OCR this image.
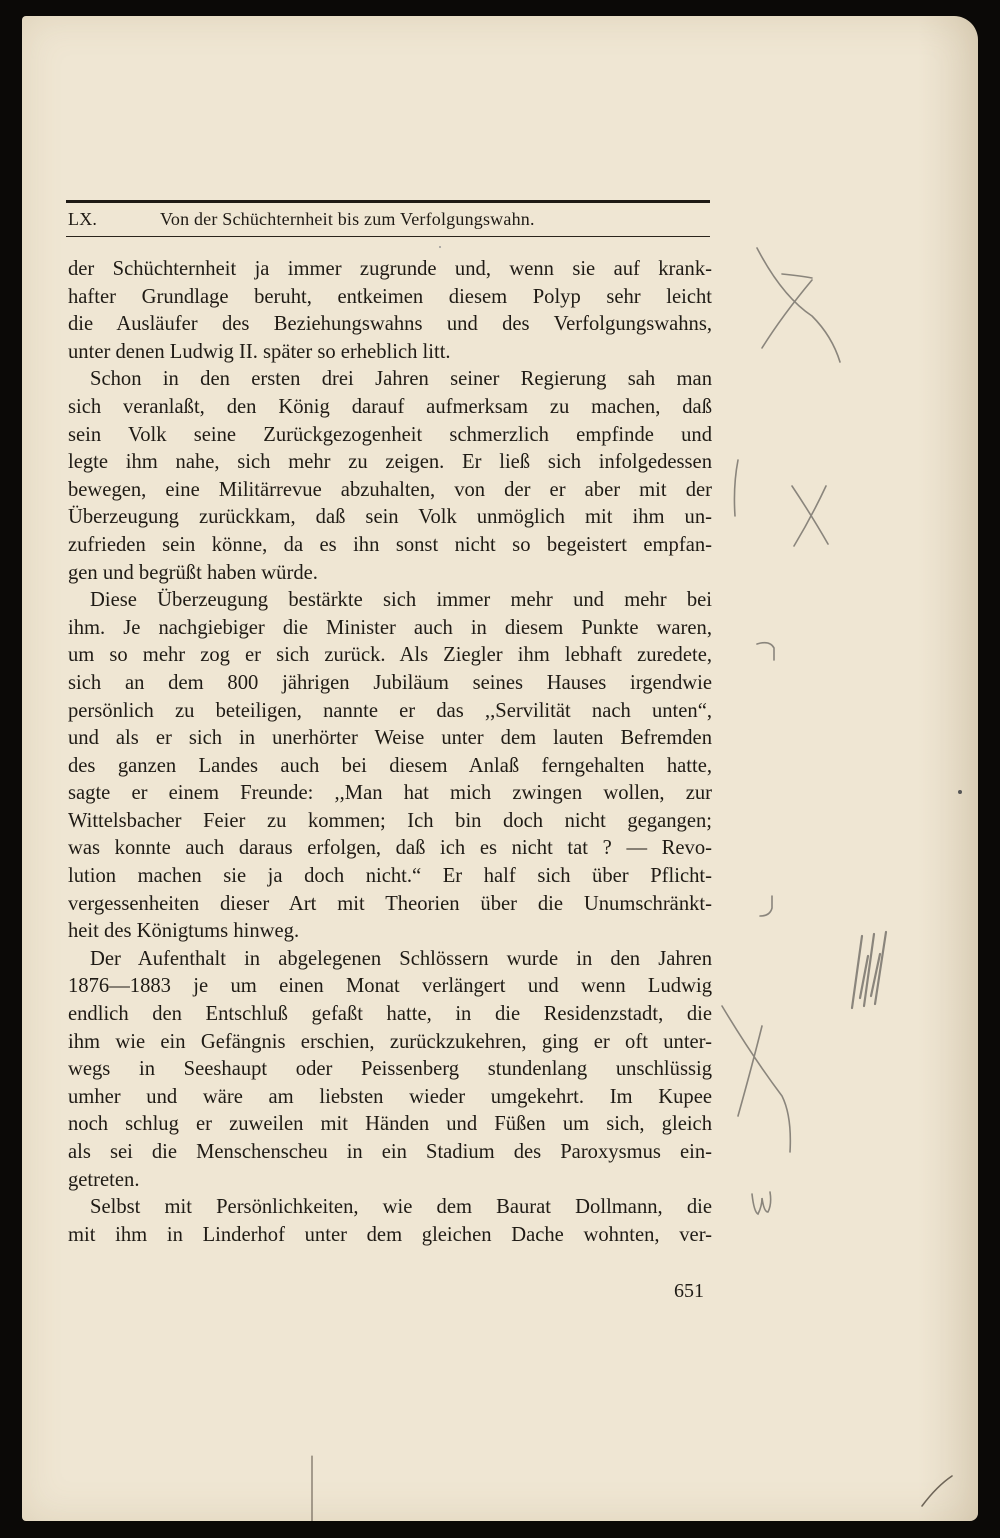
LX.	Von der Schüchternheit bis zum Verfolgungswahn.
der Schüchternheit ja immer zugrunde und, wenn sie auf krank-
hafter Grundlage beruht, entkeimen diesem Polyp sehr leicht
die Ausläufer des Beziehungswahns und des Verfolgungswahns,
unter denen Ludwig II. später so erheblich litt.
Schon in den ersten drei Jahren seiner Regierung sah man
sich veranlaßt, den König darauf aufmerksam zu machen, daß
sein Volk seine Zurückgezogenheit schmerzlich empfinde und
legte ihm nahe, sich mehr zu zeigen. Er ließ sich infolgedessen
bewegen, eine Militärrevue abzuhalten, von der er aber mit der
Überzeugung zurückkam, daß sein Volk unmöglich mit ihm un-
zufrieden sein könne, da es ihn sonst nicht so begeistert empfan-
gen und begrüßt haben würde.
Diese Überzeugung bestärkte sich immer mehr und mehr bei
ihm. Je nachgiebiger die Minister auch in diesem Punkte waren,
um so mehr zog er sich zurück. Als Ziegler ihm lebhaft zuredete,
sich an dem 800 jährigen Jubiläum seines Hauses irgendwie
persönlich zu beteiligen, nannte er das ,,Servilität nach unten“,
und als er sich in unerhörter Weise unter dem lauten Befremden
des ganzen Landes auch bei diesem Anlaß ferngehalten hatte,
sagte er einem Freunde: ,,Man hat mich zwingen wollen, zur
Wittelsbacher Feier zu kommen; Ich bin doch nicht gegangen;
was konnte auch daraus erfolgen, daß ich es nicht tat ? — Revo-
lution machen sie ja doch nicht.“ Er half sich über Pflicht-
vergessenheiten dieser Art mit Theorien über die Unumschränkt-
heit des Königtums hinweg.
Der Aufenthalt in abgelegenen Schlössern wurde in den Jahren
1876—1883 je um einen Monat verlängert und wenn Ludwig
endlich den Entschluß gefaßt hatte, in die Residenzstadt, die
ihm wie ein Gefängnis erschien, zurückzukehren, ging er oft unter-
wegs in Seeshaupt oder Peissenberg stundenlang unschlüssig
umher und wäre am liebsten wieder umgekehrt. Im Kupee
noch schlug er zuweilen mit Händen und Füßen um sich, gleich
als sei die Menschenscheu in ein Stadium des Paroxysmus ein-
getreten.
Selbst mit Persönlichkeiten, wie dem Baurat Dollmann, die
mit ihm in Linderhof unter dem gleichen Dache wohnten, ver-
651
